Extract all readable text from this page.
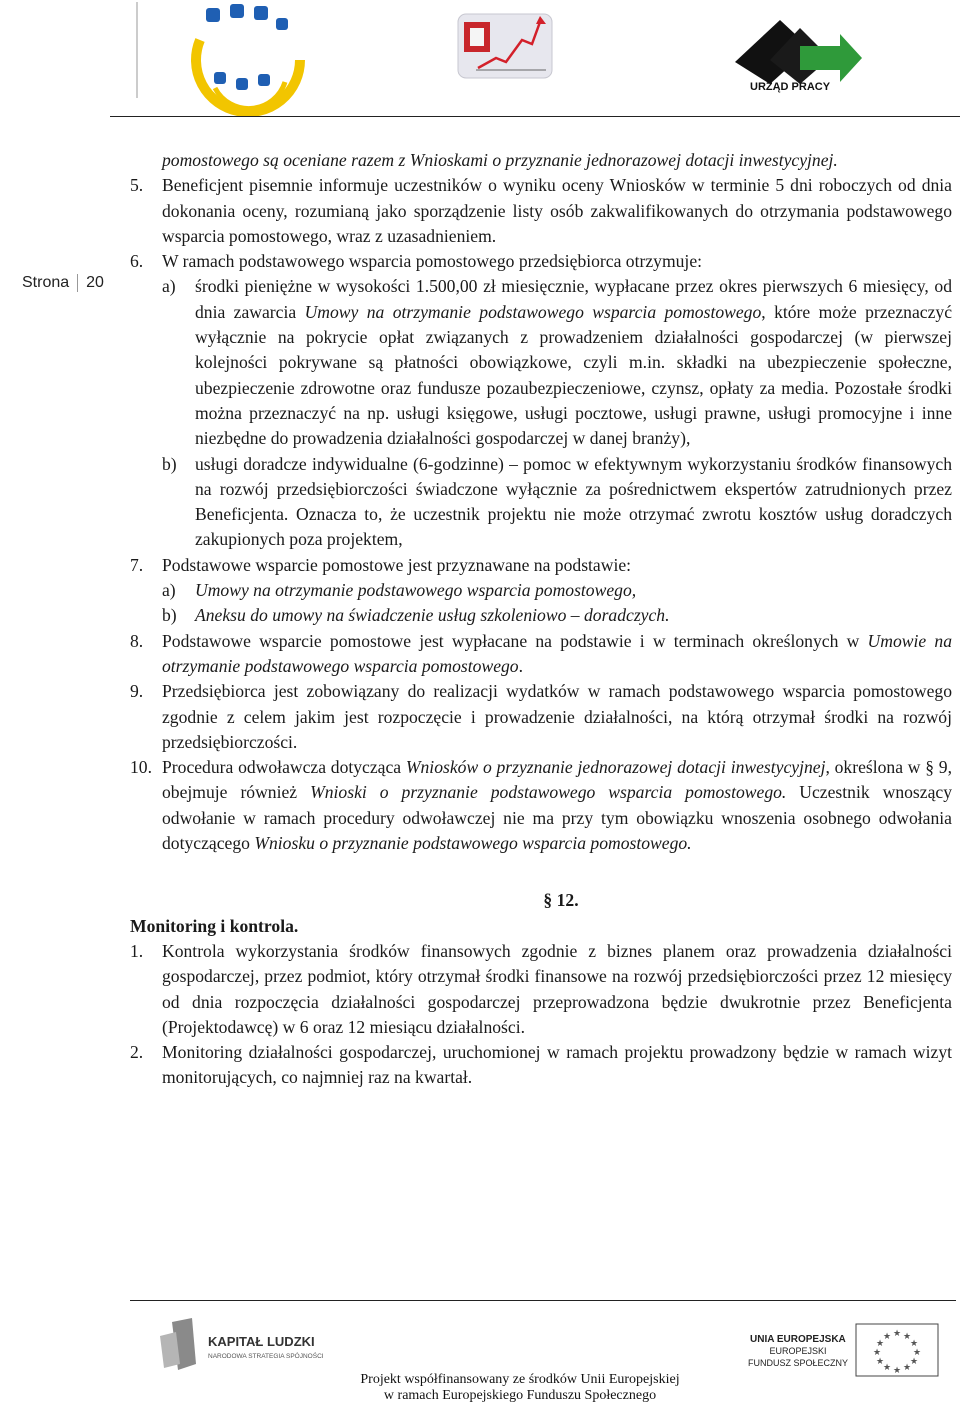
URZĄD PRACY
Strona 20
pomostowego są oceniane razem z Wnioskami o przyznanie jednorazowej dotacji inwestycyjnej.
5. Beneficjent pisemnie informuje uczestników o wyniku oceny Wniosków w terminie 5 dni roboczych od dnia dokonania oceny, rozumianą jako sporządzenie listy osób zakwalifikowanych do otrzymania podstawowego wsparcia pomostowego, wraz z uzasadnieniem.
6. W ramach podstawowego wsparcia pomostowego przedsiębiorca otrzymuje:
a) środki pieniężne w wysokości 1.500,00 zł miesięcznie, wypłacane przez okres pierwszych 6 miesięcy, od dnia zawarcia Umowy na otrzymanie podstawowego wsparcia pomostowego, które może przeznaczyć wyłącznie na pokrycie opłat związanych z prowadzeniem działalności gospodarczej (w pierwszej kolejności pokrywane są płatności obowiązkowe, czyli m.in. składki na ubezpieczenie społeczne, ubezpieczenie zdrowotne oraz fundusze pozaubezpieczeniowe, czynsz, opłaty za media. Pozostałe środki można przeznaczyć na np. usługi księgowe, usługi pocztowe, usługi prawne, usługi promocyjne i inne niezbędne do prowadzenia działalności gospodarczej w danej branży),
b) usługi doradcze indywidualne (6-godzinne) – pomoc w efektywnym wykorzystaniu środków finansowych na rozwój przedsiębiorczości świadczone wyłącznie za pośrednictwem ekspertów zatrudnionych przez Beneficjenta. Oznacza to, że uczestnik projektu nie może otrzymać zwrotu kosztów usług doradczych zakupionych poza projektem,
7. Podstawowe wsparcie pomostowe jest przyznawane na podstawie:
a) Umowy na otrzymanie podstawowego wsparcia pomostowego,
b) Aneksu do umowy na świadczenie usług szkoleniowo – doradczych.
8. Podstawowe wsparcie pomostowe jest wypłacane na podstawie i w terminach określonych w Umowie na otrzymanie podstawowego wsparcia pomostowego.
9. Przedsiębiorca jest zobowiązany do realizacji wydatków w ramach podstawowego wsparcia pomostowego zgodnie z celem jakim jest rozpoczęcie i prowadzenie działalności, na którą otrzymał środki na rozwój przedsiębiorczości.
10. Procedura odwoławcza dotycząca Wniosków o przyznanie jednorazowej dotacji inwestycyjnej, określona w § 9, obejmuje również Wnioski o przyznanie podstawowego wsparcia pomostowego. Uczestnik wnoszący odwołanie w ramach procedury odwoławczej nie ma przy tym obowiązku wnoszenia osobnego odwołania dotyczącego Wniosku o przyznanie podstawowego wsparcia pomostowego.
§ 12.
Monitoring i kontrola.
1. Kontrola wykorzystania środków finansowych zgodnie z biznes planem oraz prowadzenia działalności gospodarczej, przez podmiot, który otrzymał środki finansowe na rozwój przedsiębiorczości przez 12 miesięcy od dnia rozpoczęcia działalności gospodarczej przeprowadzona będzie dwukrotnie przez Beneficjenta (Projektodawcę) w 6 oraz 12 miesiącu działalności.
2. Monitoring działalności gospodarczej, uruchomionej w ramach projektu prowadzony będzie w ramach wizyt monitorujących, co najmniej raz na kwartał.
KAPITAŁ LUDZKI
NARODOWA STRATEGIA SPÓJNOŚCI
UNIA EUROPEJSKA
EUROPEJSKI
FUNDUSZ SPOŁECZNY
★ ★
★
★
★
★
★
★
★
★
★
★
Projekt współfinansowany ze środków Unii Europejskiej
w ramach Europejskiego Funduszu Społecznego
